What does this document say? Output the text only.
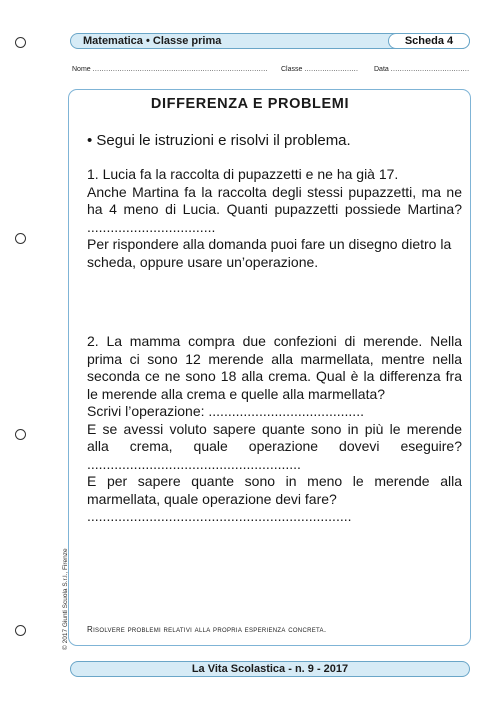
Matematica • Classe prima	Scheda 4
Nome .............................................................................. Classe ........................ Data ...................................
DIFFERENZA E PROBLEMI
• Segui le istruzioni e risolvi il problema.

1. Lucia fa la raccolta di pupazzetti e ne ha già 17.

Anche Martina fa la raccolta degli stessi pupazzetti, ma ne ha 4 meno di Lucia. Quanti pupazzetti possiede Martina? .................................

Per rispondere alla domanda puoi fare un disegno dietro la scheda, oppure usare un’operazione.

2. La mamma compra due confezioni di merende. Nella prima ci sono 12 merende alla marmellata, mentre nella seconda ce ne sono 18 alla crema. Qual è la differenza fra le merende alla crema e quelle alla marmellata?

Scrivi l’operazione: ........................................

E se avessi voluto sapere quante sono in più le merende alla crema, quale operazione dovevi eseguire? .......................................................

E per sapere quante sono in meno le merende alla marmellata, quale operazione devi fare?

....................................................................

Risolvere problemi relativi alla propria esperienza concreta.
La Vita Scolastica - n. 9 - 2017
© 2017 Giunti Scuola S.r.l., Firenze
